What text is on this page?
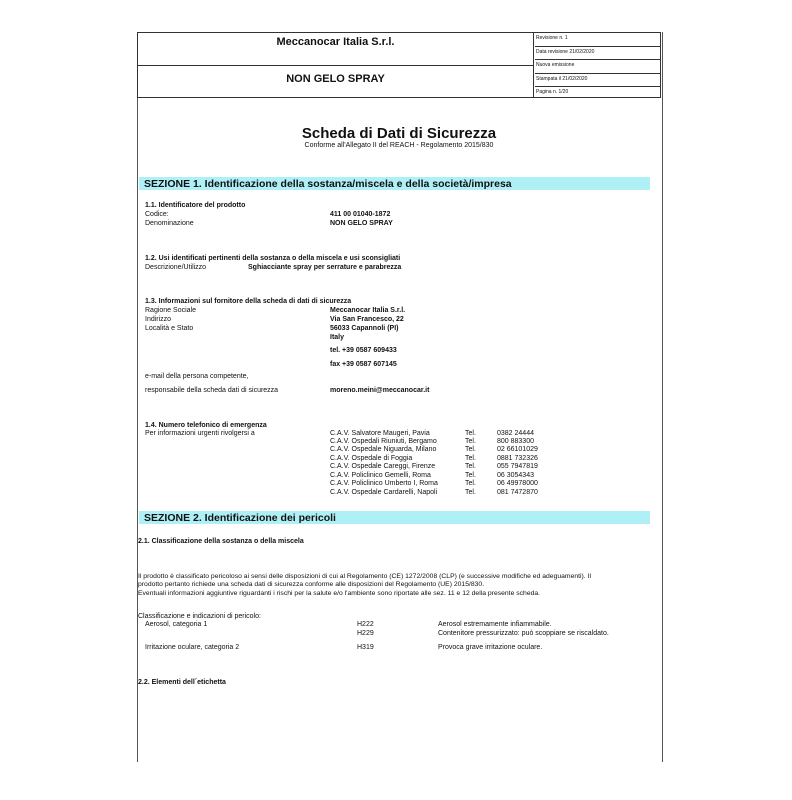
Meccanocar Italia S.r.l.
NON GELO SPRAY
Revisione n. 1
Data revisione 21/02/2020
Nuova emissione
Stampata il 21/02/2020
Pagina n. 1/20
Scheda di Dati di Sicurezza
Conforme all'Allegato II del REACH - Regolamento 2015/830
SEZIONE 1. Identificazione della sostanza/miscela e della società/impresa
1.1. Identificatore del prodotto
Codice:	411 00 01040-1872
Denominazione	NON GELO SPRAY
1.2. Usi identificati pertinenti della sostanza o della miscela e usi sconsigliati
Descrizione/Utilizzo	Sghiacciante spray per serrature e parabrezza
1.3. Informazioni sul fornitore della scheda di dati di sicurezza
Ragione Sociale	Meccanocar Italia S.r.l.
Indirizzo	Via San Francesco, 22
Località e Stato	56033 Capannoli (PI)
Italy
tel. +39 0587 609433
fax +39 0587 607145
e-mail della persona competente,
responsabile della scheda dati di sicurezza	moreno.meini@meccanocar.it
1.4. Numero telefonico di emergenza
Per informazioni urgenti rivolgersi a	C.A.V. Salvatore Maugeri, Pavia	Tel.	0382 24444
C.A.V. Ospedali Riuniuti, Bergamo	Tel.	800 883300
C.A.V. Ospedale Niguarda, Milano	Tel.	02 66101029
C.A.V. Ospedale di Foggia	Tel.	0881 732326
C.A.V. Ospedale Careggi, Firenze	Tel.	055 7947819
C.A.V. Policlinico Gemelli, Roma	Tel.	06 3054343
C.A.V. Policlinico Umberto I, Roma	Tel.	06 49978000
C.A.V. Ospedale Cardarelli, Napoli	Tel.	081 7472870
SEZIONE 2. Identificazione dei pericoli
2.1. Classificazione della sostanza o della miscela
Il prodotto è classificato pericoloso ai sensi delle disposizioni di cui al Regolamento (CE) 1272/2008 (CLP) (e successive modifiche ed adeguamenti). Il
prodotto pertanto richiede una scheda dati di sicurezza conforme alle disposizioni del Regolamento (UE) 2015/830.
Eventuali informazioni aggiuntive riguardanti i rischi per la salute e/o l'ambiente sono riportate alle sez. 11 e 12 della presente scheda.
Classificazione e indicazioni di pericolo:
Aerosol, categoria 1	H222	Aerosol estremamente infiammabile.
H229	Contenitore pressurizzato: può scoppiare se riscaldato.
Irritazione oculare, categoria 2	H319	Provoca grave irritazione oculare.
2.2. Elementi dell´etichetta
